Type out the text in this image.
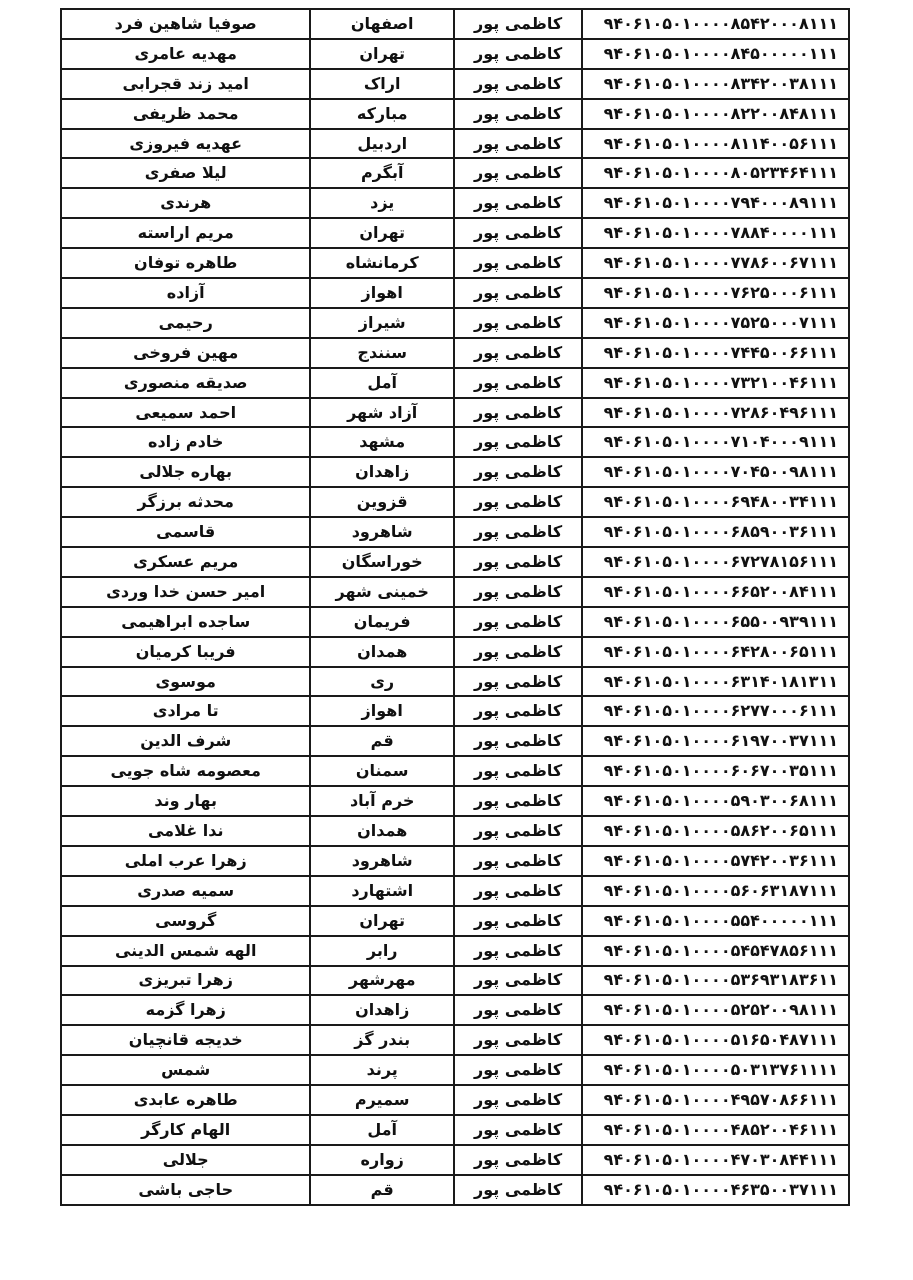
صوفیا شاهین فرد	اصفهان	کاظمی پور	۹۴۰۶۱۰۵۰۱۰۰۰۰۸۵۴۲۰۰۰۸۱۱۱
مهدیه عامری	تهران	کاظمی پور	۹۴۰۶۱۰۵۰۱۰۰۰۰۸۴۵۰۰۰۰۰۱۱۱
امید زند قجرابی	اراک	کاظمی پور	۹۴۰۶۱۰۵۰۱۰۰۰۰۸۳۴۲۰۰۳۸۱۱۱
محمد ظریفی	مبارکه	کاظمی پور	۹۴۰۶۱۰۵۰۱۰۰۰۰۸۲۲۰۰۸۴۸۱۱۱
عهدیه فیروزی	اردبیل	کاظمی پور	۹۴۰۶۱۰۵۰۱۰۰۰۰۸۱۱۴۰۰۵۶۱۱۱
لیلا صفری	آبگرم	کاظمی پور	۹۴۰۶۱۰۵۰۱۰۰۰۰۸۰۵۲۳۴۶۴۱۱۱
هرندی	یزد	کاظمی پور	۹۴۰۶۱۰۵۰۱۰۰۰۰۷۹۴۰۰۰۸۹۱۱۱
مریم اراسته	تهران	کاظمی پور	۹۴۰۶۱۰۵۰۱۰۰۰۰۷۸۸۴۰۰۰۰۱۱۱
طاهره توفان	کرمانشاه	کاظمی پور	۹۴۰۶۱۰۵۰۱۰۰۰۰۷۷۸۶۰۰۶۷۱۱۱
آزاده	اهواز	کاظمی پور	۹۴۰۶۱۰۵۰۱۰۰۰۰۷۶۲۵۰۰۰۶۱۱۱
رحیمی	شیراز	کاظمی پور	۹۴۰۶۱۰۵۰۱۰۰۰۰۷۵۲۵۰۰۰۷۱۱۱
مهین فروخی	سنندج	کاظمی پور	۹۴۰۶۱۰۵۰۱۰۰۰۰۷۴۴۵۰۰۶۶۱۱۱
صدیقه منصوری	آمل	کاظمی پور	۹۴۰۶۱۰۵۰۱۰۰۰۰۷۳۲۱۰۰۴۶۱۱۱
احمد سمیعی	آزاد شهر	کاظمی پور	۹۴۰۶۱۰۵۰۱۰۰۰۰۷۲۸۶۰۴۹۶۱۱۱
خادم زاده	مشهد	کاظمی پور	۹۴۰۶۱۰۵۰۱۰۰۰۰۷۱۰۴۰۰۰۹۱۱۱
بهاره جلالی	زاهدان	کاظمی پور	۹۴۰۶۱۰۵۰۱۰۰۰۰۷۰۴۵۰۰۹۸۱۱۱
محدثه برزگر	قزوین	کاظمی پور	۹۴۰۶۱۰۵۰۱۰۰۰۰۶۹۴۸۰۰۳۴۱۱۱
قاسمی	شاهرود	کاظمی پور	۹۴۰۶۱۰۵۰۱۰۰۰۰۶۸۵۹۰۰۳۶۱۱۱
مریم عسکری	خوراسگان	کاظمی پور	۹۴۰۶۱۰۵۰۱۰۰۰۰۶۷۲۷۸۱۵۶۱۱۱
امیر حسن خدا وردی	خمینی شهر	کاظمی پور	۹۴۰۶۱۰۵۰۱۰۰۰۰۶۶۵۲۰۰۸۴۱۱۱
ساجده ابراهیمی	فریمان	کاظمی پور	۹۴۰۶۱۰۵۰۱۰۰۰۰۶۵۵۰۰۹۳۹۱۱۱
فریبا کرمیان	همدان	کاظمی پور	۹۴۰۶۱۰۵۰۱۰۰۰۰۶۴۲۸۰۰۶۵۱۱۱
موسوی	ری	کاظمی پور	۹۴۰۶۱۰۵۰۱۰۰۰۰۶۳۱۴۰۱۸۱۳۱۱
تا مرادی	اهواز	کاظمی پور	۹۴۰۶۱۰۵۰۱۰۰۰۰۶۲۷۷۰۰۰۶۱۱۱
شرف الدین	قم	کاظمی پور	۹۴۰۶۱۰۵۰۱۰۰۰۰۶۱۹۷۰۰۳۷۱۱۱
معصومه شاه جویی	سمنان	کاظمی پور	۹۴۰۶۱۰۵۰۱۰۰۰۰۶۰۶۷۰۰۳۵۱۱۱
بهار وند	خرم آباد	کاظمی پور	۹۴۰۶۱۰۵۰۱۰۰۰۰۵۹۰۳۰۰۶۸۱۱۱
ندا غلامی	همدان	کاظمی پور	۹۴۰۶۱۰۵۰۱۰۰۰۰۵۸۶۲۰۰۶۵۱۱۱
زهرا عرب املی	شاهرود	کاظمی پور	۹۴۰۶۱۰۵۰۱۰۰۰۰۵۷۴۲۰۰۳۶۱۱۱
سمیه صدری	اشتهارد	کاظمی پور	۹۴۰۶۱۰۵۰۱۰۰۰۰۵۶۰۶۳۱۸۷۱۱۱
گروسی	تهران	کاظمی پور	۹۴۰۶۱۰۵۰۱۰۰۰۰۵۵۴۰۰۰۰۰۱۱۱
الهه شمس الدینی	رابر	کاظمی پور	۹۴۰۶۱۰۵۰۱۰۰۰۰۵۴۵۴۷۸۵۶۱۱۱
زهرا تبریزی	مهرشهر	کاظمی پور	۹۴۰۶۱۰۵۰۱۰۰۰۰۵۳۶۹۳۱۸۳۶۱۱
زهرا گزمه	زاهدان	کاظمی پور	۹۴۰۶۱۰۵۰۱۰۰۰۰۵۲۵۲۰۰۹۸۱۱۱
خدیجه قانچیان	بندر گز	کاظمی پور	۹۴۰۶۱۰۵۰۱۰۰۰۰۵۱۶۵۰۴۸۷۱۱۱
شمس	پرند	کاظمی پور	۹۴۰۶۱۰۵۰۱۰۰۰۰۵۰۳۱۳۷۶۱۱۱۱
طاهره عابدی	سمیرم	کاظمی پور	۹۴۰۶۱۰۵۰۱۰۰۰۰۴۹۵۷۰۸۶۶۱۱۱
الهام کارگر	آمل	کاظمی پور	۹۴۰۶۱۰۵۰۱۰۰۰۰۴۸۵۲۰۰۴۶۱۱۱
جلالی	زواره	کاظمی پور	۹۴۰۶۱۰۵۰۱۰۰۰۰۴۷۰۳۰۸۴۴۱۱۱
حاجی باشی	قم	کاظمی پور	۹۴۰۶۱۰۵۰۱۰۰۰۰۴۶۳۵۰۰۳۷۱۱۱
